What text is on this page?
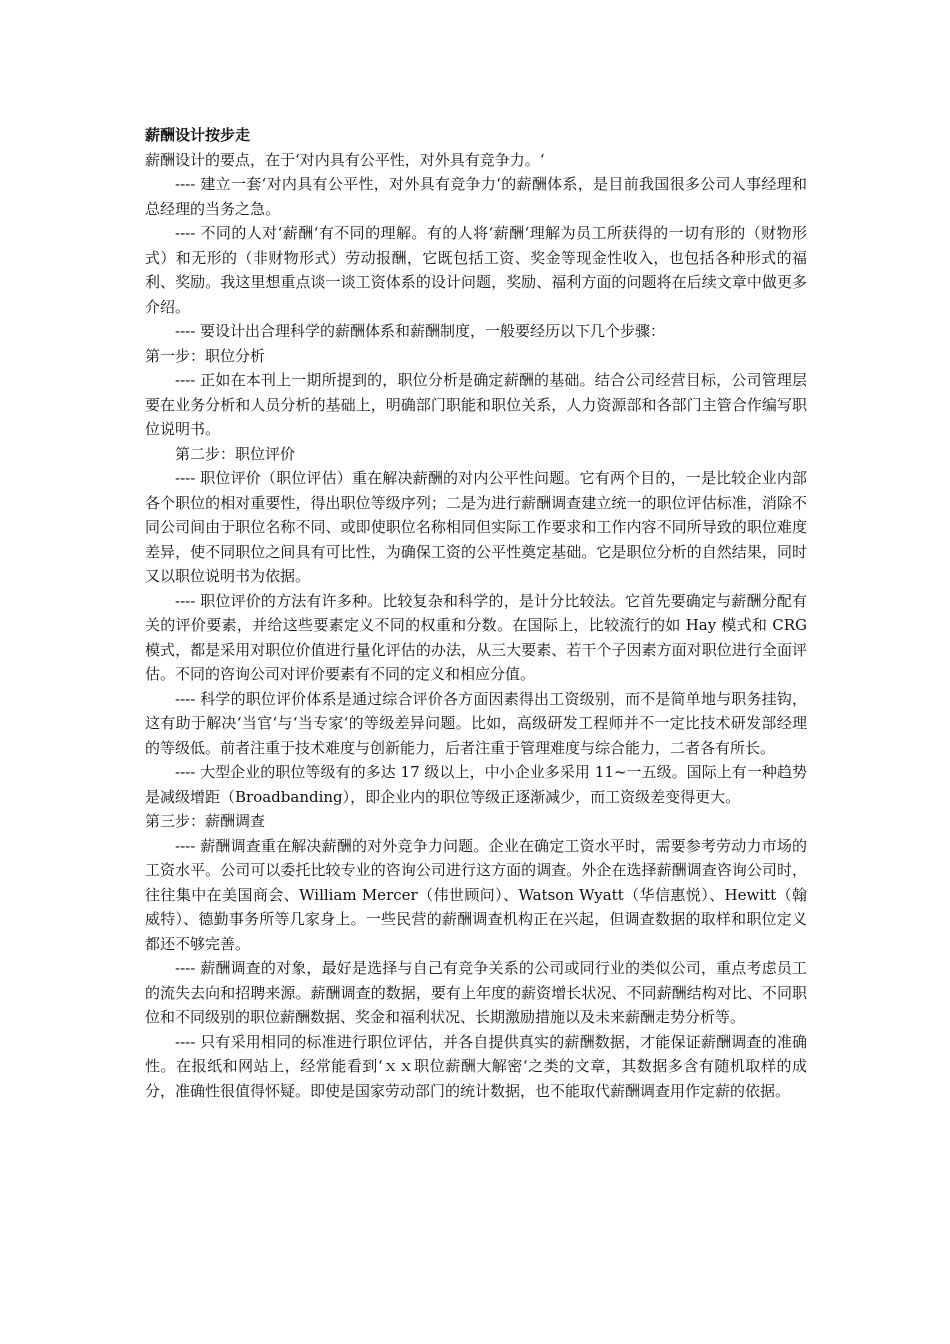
薪酬设计按步走

薪酬设计的要点，在于‘对内具有公平性，对外具有竞争力。‘

---- 建立一套‘对内具有公平性，对外具有竞争力‘的薪酬体系，是目前我国很多公司人事经理和总经理的当务之急。

---- 不同的人对‘薪酬‘有不同的理解。有的人将‘薪酬‘理解为员工所获得的一切有形的（财物形式）和无形的（非财物形式）劳动报酬，它既包括工资、奖金等现金性收入，也包括各种形式的福利、奖励。我这里想重点谈一谈工资体系的设计问题，奖励、福利方面的问题将在后续文章中做更多介绍。

---- 要设计出合理科学的薪酬体系和薪酬制度，一般要经历以下几个步骤：

第一步：职位分析

---- 正如在本刊上一期所提到的，职位分析是确定薪酬的基础。结合公司经营目标，公司管理层要在业务分析和人员分析的基础上，明确部门职能和职位关系，人力资源部和各部门主管合作编写职位说明书。

第二步：职位评价

---- 职位评价（职位评估）重在解决薪酬的对内公平性问题。它有两个目的，一是比较企业内部各个职位的相对重要性，得出职位等级序列；二是为进行薪酬调查建立统一的职位评估标准，消除不同公司间由于职位名称不同、或即使职位名称相同但实际工作要求和工作内容不同所导致的职位难度差异，使不同职位之间具有可比性，为确保工资的公平性奠定基础。它是职位分析的自然结果，同时又以职位说明书为依据。

---- 职位评价的方法有许多种。比较复杂和科学的，是计分比较法。它首先要确定与薪酬分配有关的评价要素，并给这些要素定义不同的权重和分数。在国际上，比较流行的如 Hay 模式和 CRG 模式，都是采用对职位价值进行量化评估的办法，从三大要素、若干个子因素方面对职位进行全面评估。不同的咨询公司对评价要素有不同的定义和相应分值。

---- 科学的职位评价体系是通过综合评价各方面因素得出工资级别，而不是简单地与职务挂钩，这有助于解决‘当官‘与‘当专家‘的等级差异问题。比如，高级研发工程师并不一定比技术研发部经理的等级低。前者注重于技术难度与创新能力，后者注重于管理难度与综合能力，二者各有所长。

---- 大型企业的职位等级有的多达 17 级以上，中小企业多采用 11~一五级。国际上有一种趋势是减级增距（Broadbanding），即企业内的职位等级正逐渐减少，而工资级差变得更大。

第三步：薪酬调查

---- 薪酬调查重在解决薪酬的对外竞争力问题。企业在确定工资水平时，需要参考劳动力市场的工资水平。公司可以委托比较专业的咨询公司进行这方面的调查。外企在选择薪酬调查咨询公司时，往往集中在美国商会、William Mercer（伟世顾问）、Watson Wyatt（华信惠悦）、Hewitt（翰威特）、德勤事务所等几家身上。一些民营的薪酬调查机构正在兴起，但调查数据的取样和职位定义都还不够完善。

---- 薪酬调查的对象，最好是选择与自己有竞争关系的公司或同行业的类似公司，重点考虑员工的流失去向和招聘来源。薪酬调查的数据，要有上年度的薪资增长状况、不同薪酬结构对比、不同职位和不同级别的职位薪酬数据、奖金和福利状况、长期激励措施以及未来薪酬走势分析等。

---- 只有采用相同的标准进行职位评估，并各自提供真实的薪酬数据，才能保证薪酬调查的准确性。在报纸和网站上，经常能看到‘ｘｘ职位薪酬大解密‘之类的文章，其数据多含有随机取样的成分，准确性很值得怀疑。即使是国家劳动部门的统计数据，也不能取代薪酬调查用作定薪的依据。
